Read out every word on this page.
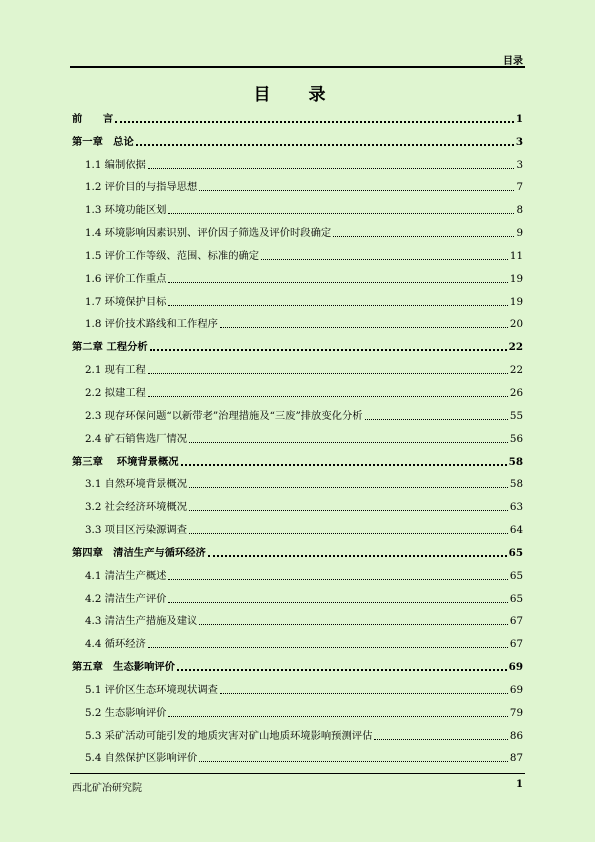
目录
目 录
前　　言	1
第一章　总论	3
1.1 编制依据	3
1.2 评价目的与指导思想	7
1.3 环境功能区划	8
1.4 环境影响因素识别、评价因子筛选及评价时段确定	9
1.5 评价工作等级、范围、标准的确定	11
1.6 评价工作重点	19
1.7 环境保护目标	19
1.8 评价技术路线和工作程序	20
第二章 工程分析	22
2.1 现有工程	22
2.2 拟建工程	26
2.3 现存环保问题“以新带老”治理措施及“三废”排放变化分析	55
2.4 矿石销售选厂情况	56
第三章　 环境背景概况	58
3.1 自然环境背景概况	58
3.2 社会经济环境概况	63
3.3 项目区污染源调查	64
第四章　清洁生产与循环经济	65
4.1 清洁生产概述	65
4.2 清洁生产评价	65
4.3 清洁生产措施及建议	67
4.4 循环经济	67
第五章　生态影响评价	69
5.1 评价区生态环境现状调查	69
5.2 生态影响评价	79
5.3 采矿活动可能引发的地质灾害对矿山地质环境影响预测评估	86
5.4 自然保护区影响评价	87
西北矿冶研究院	1
